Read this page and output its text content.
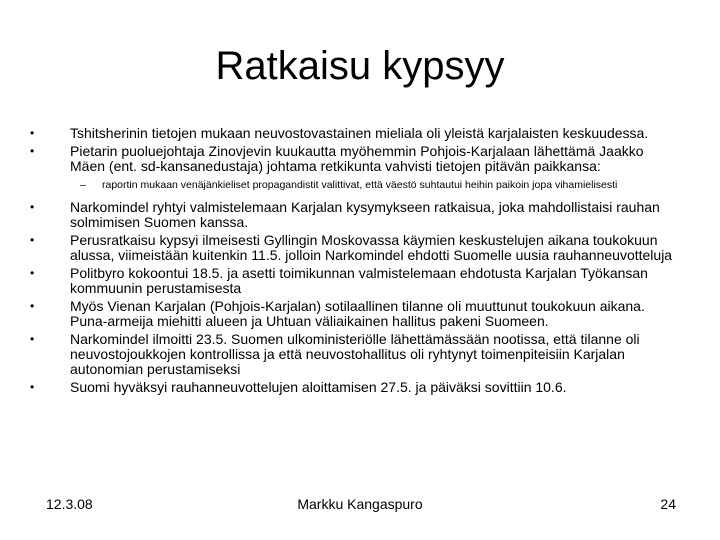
Ratkaisu kypsyy
•	Tshitsherinin tietojen mukaan neuvostovastainen mieliala oli yleistä karjalaisten keskuudessa.
•	Pietarin puoluejohtaja Zinovjevin kuukautta myöhemmin Pohjois-Karjalaan lähettämä Jaakko Mäen (ent. sd-kansanedustaja) johtama retkikunta vahvisti tietojen pitävän paikkansa:
– raportin mukaan venäjänkieliset propagandistit valittivat, että väestö suhtautui heihin paikoin jopa vihamielisesti
•	Narkomindel ryhtyi valmistelemaan Karjalan kysymykseen ratkaisua, joka mahdollistaisi rauhan solmimisen Suomen kanssa.
•	Perusratkaisu kypsyi ilmeisesti Gyllingin Moskovassa käymien keskustelujen aikana toukokuun alussa, viimeistään kuitenkin 11.5. jolloin Narkomindel ehdotti Suomelle uusia rauhanneuvotteluja
•	Politbyro kokoontui 18.5. ja asetti toimikunnan valmistelemaan ehdotusta Karjalan Työkansan kommuunin perustamisesta
•	Myös Vienan Karjalan (Pohjois-Karjalan) sotilaallinen tilanne oli muuttunut toukokuun aikana. Puna-armeija miehitti alueen ja Uhtuan väliaikainen hallitus pakeni Suomeen.
•	Narkomindel ilmoitti 23.5. Suomen ulkoministeriölle lähettämässään nootissa, että tilanne oli neuvostojoukkojen kontrollissa ja että neuvostohallitus oli ryhtynyt toimenpiteisiin Karjalan autonomian perustamiseksi
•	Suomi hyväksyi rauhanneuvottelujen aloittamisen 27.5. ja päiväksi sovittiin 10.6.
12.3.08	Markku Kangaspuro	24
